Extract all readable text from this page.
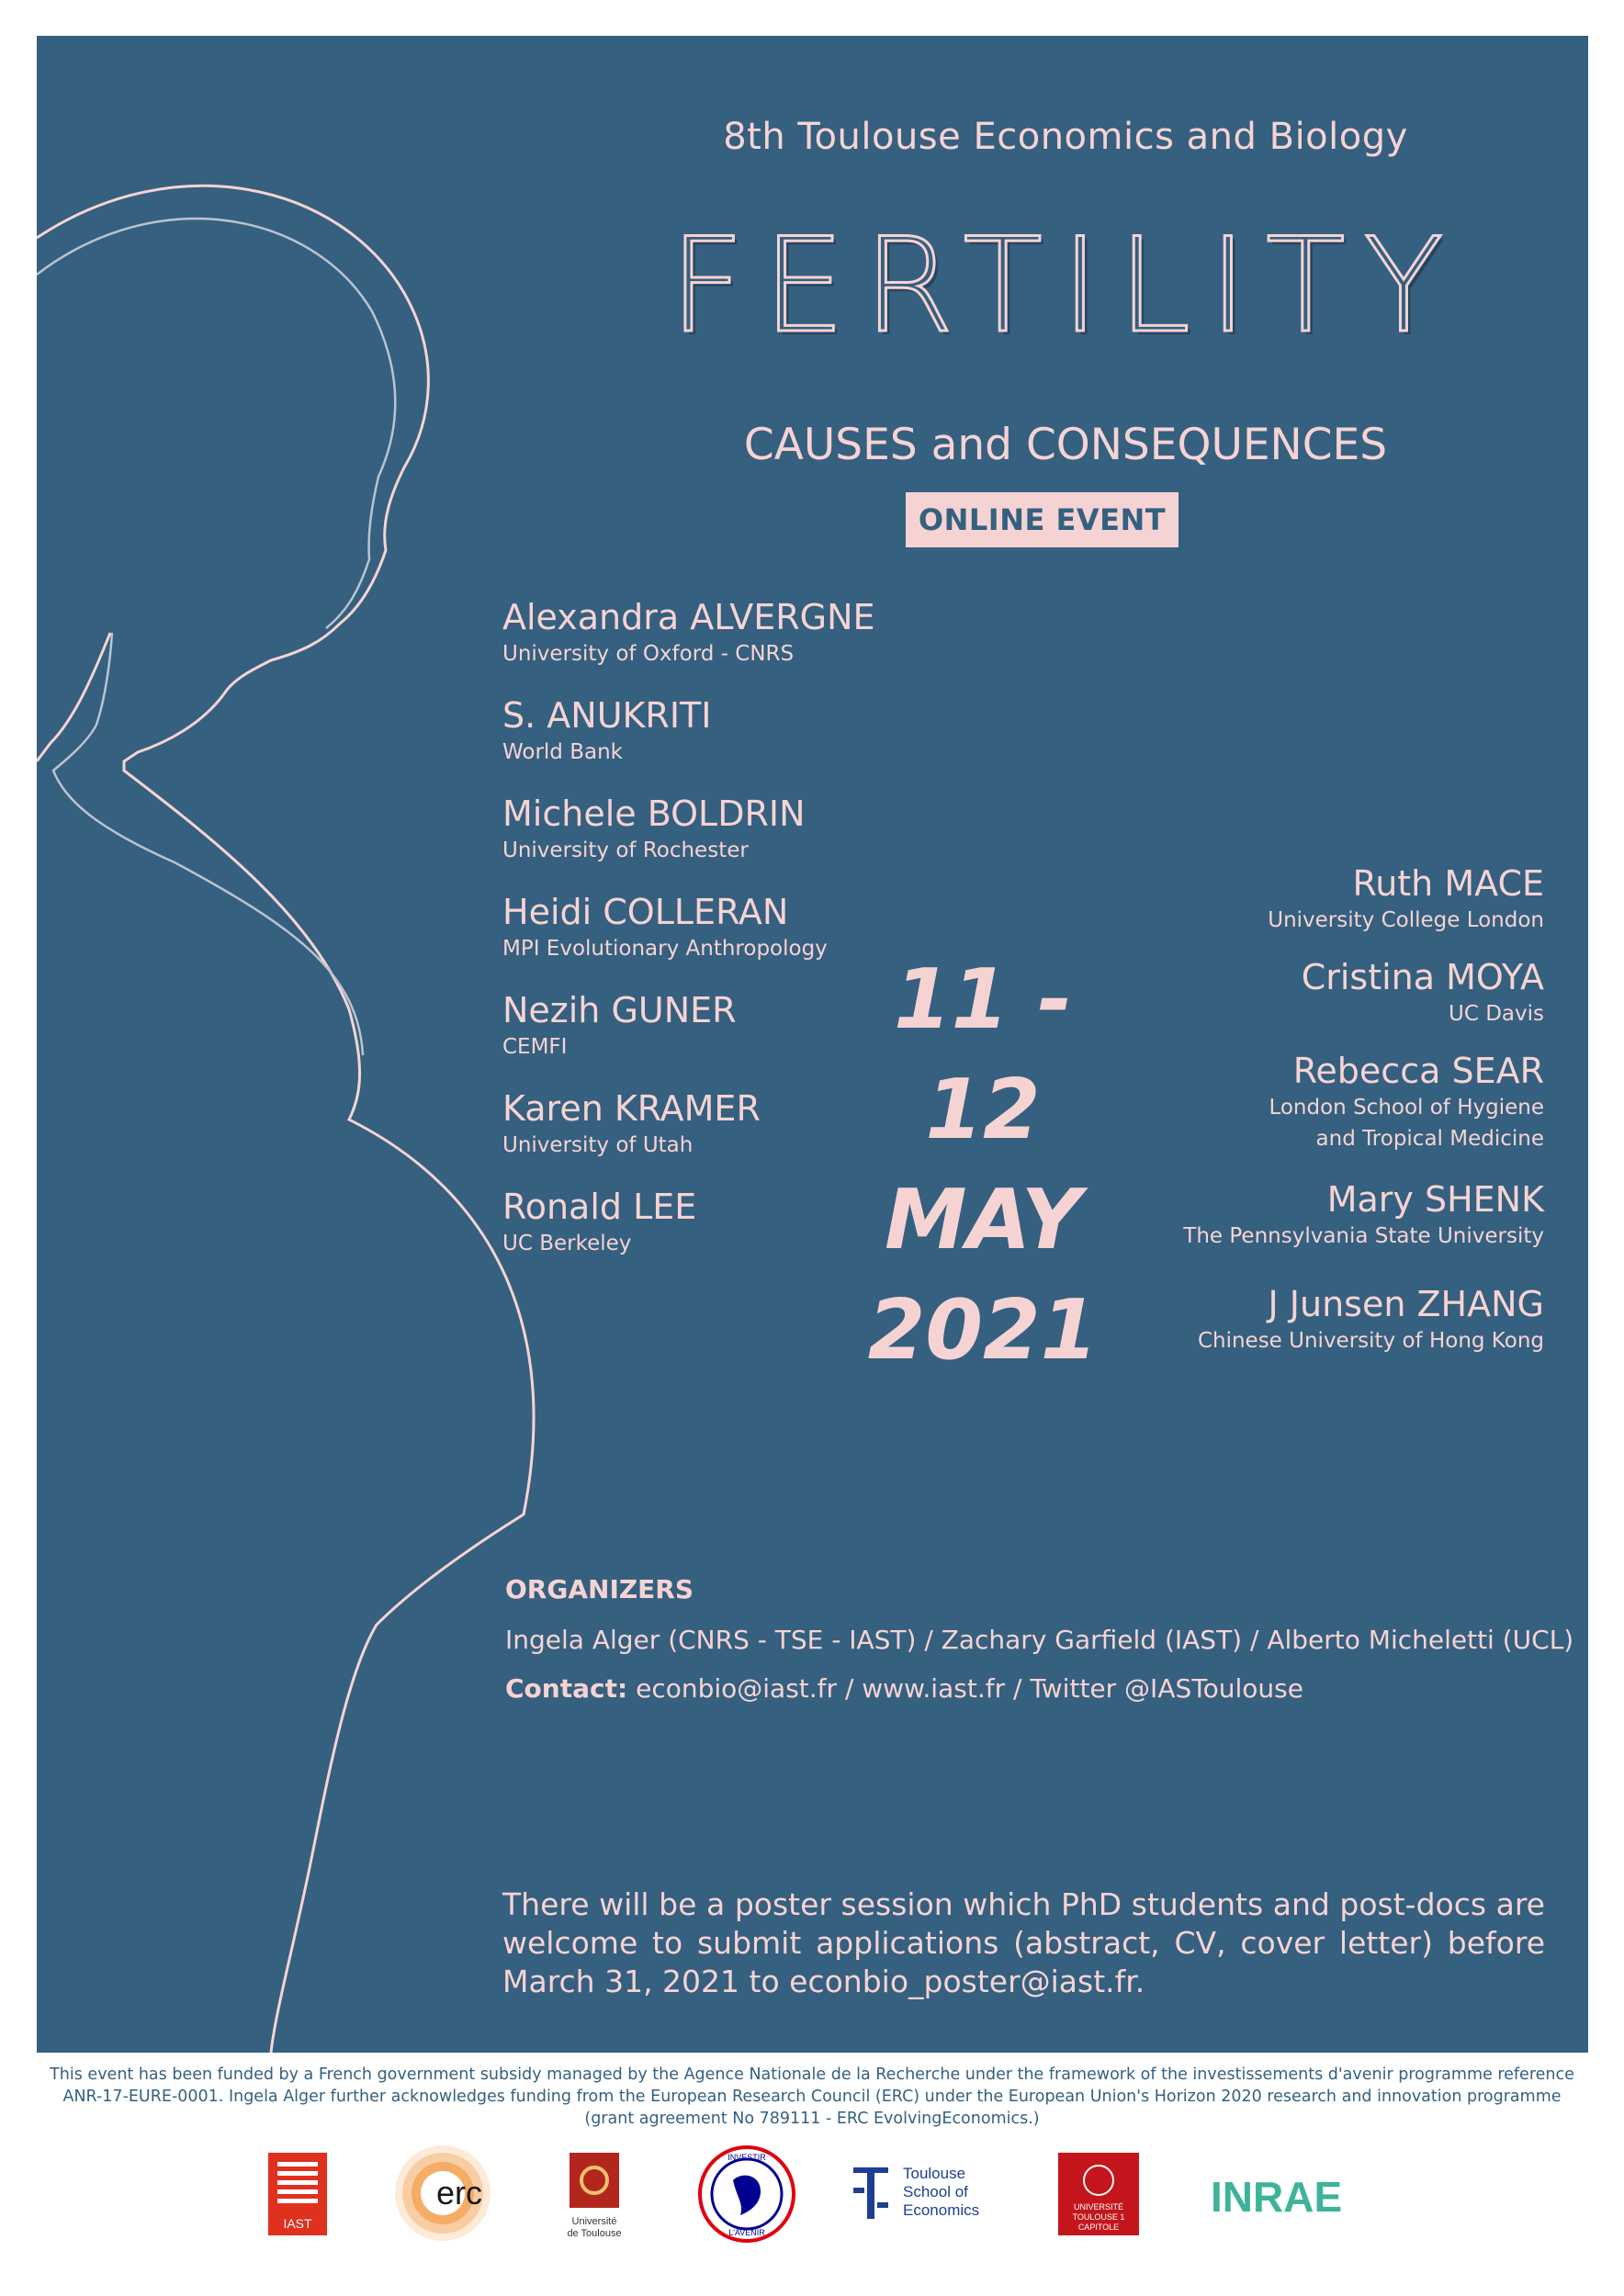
8th Toulouse Economics and Biology
FERTILITY
CAUSES and CONSEQUENCES
ONLINE EVENT
Alexandra ALVERGNE
University of Oxford - CNRS
S. ANUKRITI
World Bank
Michele BOLDRIN
University of Rochester
Heidi COLLERAN
MPI Evolutionary Anthropology
Nezih GUNER
CEMFI
Karen KRAMER
University of Utah
Ronald LEE
UC Berkeley
11 - 12
MAY
2021
Ruth MACE
University College London
Cristina MOYA
UC Davis
Rebecca SEAR
London School of Hygiene
and Tropical Medicine
Mary SHENK
The Pennsylvania State University
J Junsen ZHANG
Chinese University of Hong Kong
ORGANIZERS
Ingela Alger (CNRS - TSE - IAST) / Zachary Garfield (IAST) / Alberto Micheletti (UCL)
Contact: econbio@iast.fr / www.iast.fr / Twitter @IASToulouse
There will be a poster session which PhD students and post-docs are welcome to submit applications (abstract, CV, cover letter) before March 31, 2021 to econbio_poster@iast.fr.
This event has been funded by a French government subsidy managed by the Agence Nationale de la Recherche under the framework of the investissements d'avenir programme reference
ANR-17-EURE-0001. Ingela Alger further acknowledges funding from the European Research Council (ERC) under the European Union's Horizon 2020 research and innovation programme
(grant agreement No 789111 - ERC EvolvingEconomics.)
IAST
erc
Université
de Toulouse
INVESTIR
L'AVENIR
Toulouse
School of
Economics	UNIVERSITÉ
TOULOUSE 1
CAPITOLE
INRAE
